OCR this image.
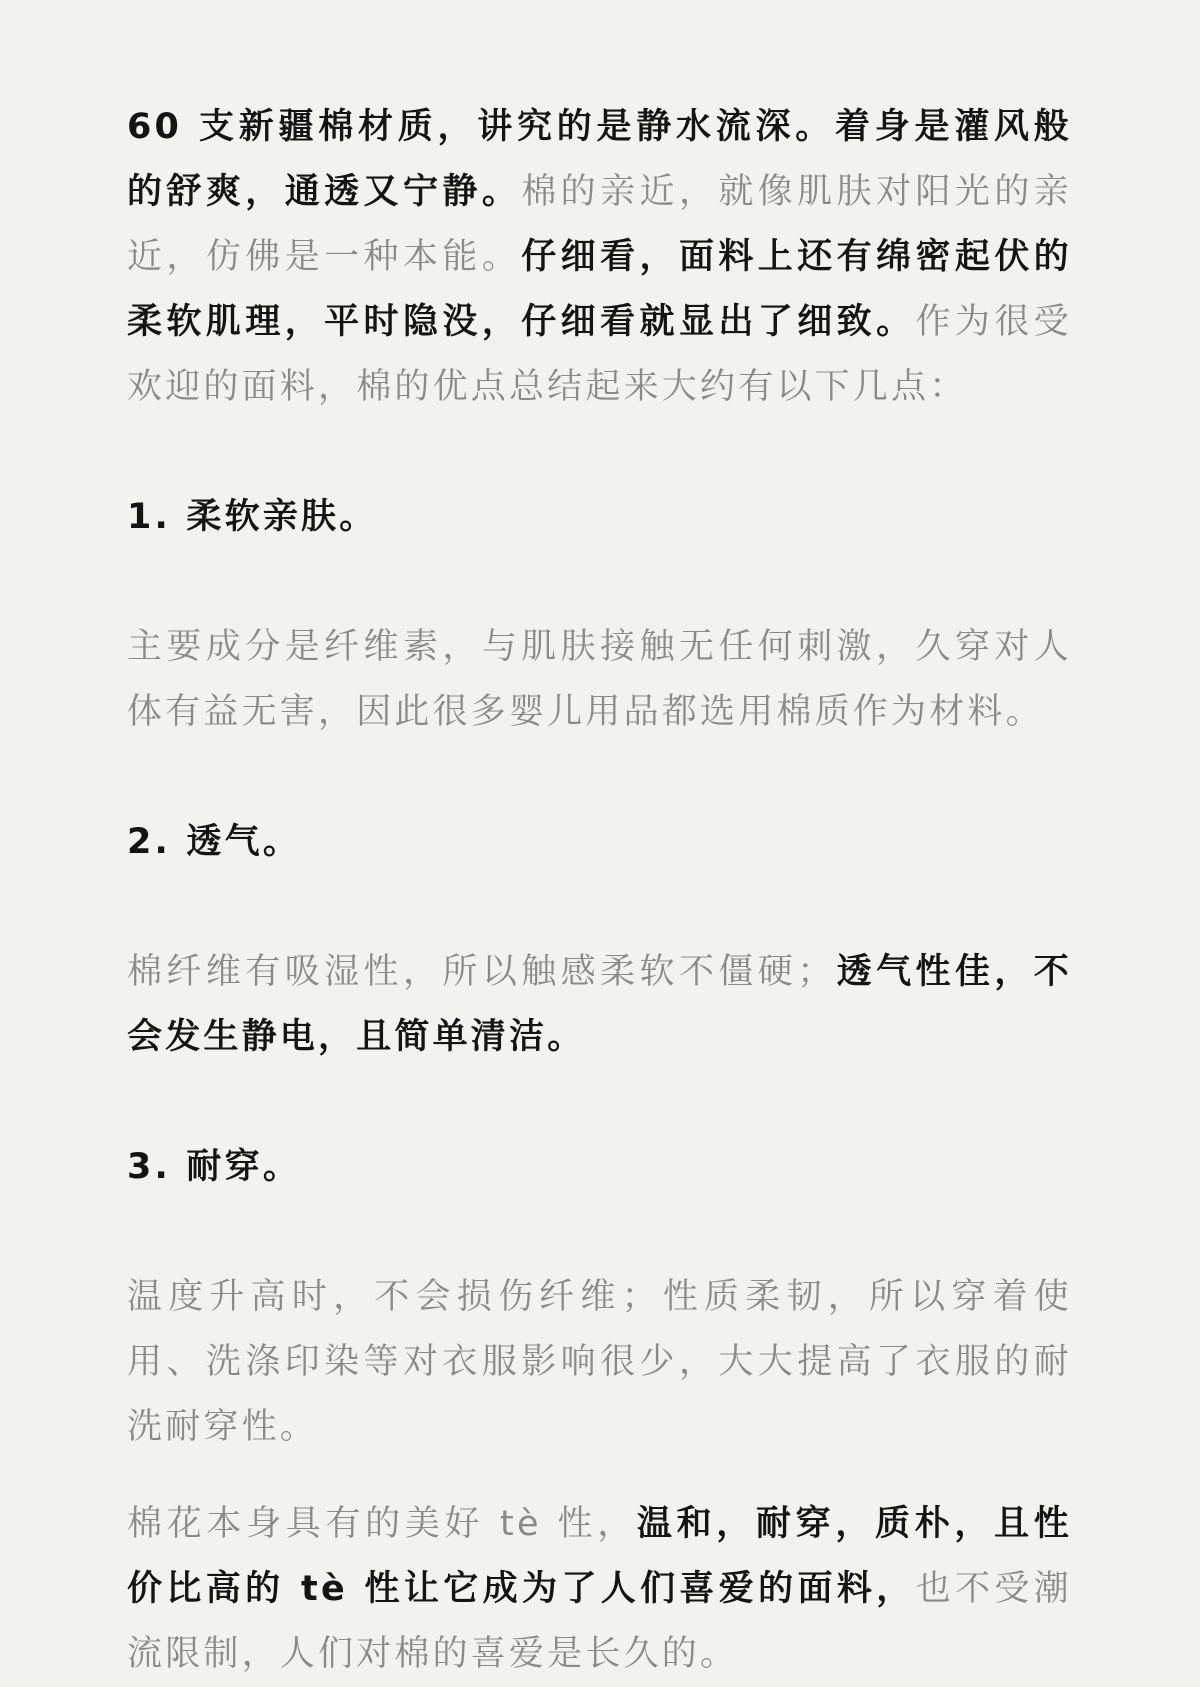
60 支新疆棉材质，讲究的是静水流深。着身是灌风般的舒爽，通透又宁静。棉的亲近，就像肌肤对阳光的亲近，仿佛是一种本能。仔细看，面料上还有绵密起伏的柔软肌理，平时隐没，仔细看就显出了细致。作为很受欢迎的面料，棉的优点总结起来大约有以下几点：

1. 柔软亲肤。

主要成分是纤维素，与肌肤接触无任何刺激，久穿对人体有益无害，因此很多婴儿用品都选用棉质作为材料。

2. 透气。

棉纤维有吸湿性，所以触感柔软不僵硬；透气性佳，不会发生静电，且简单清洁。

3. 耐穿。

温度升高时，不会损伤纤维；性质柔韧，所以穿着使用、洗涤印染等对衣服影响很少，大大提高了衣服的耐洗耐穿性。

棉花本身具有的美好 tè 性，温和，耐穿，质朴，且性价比高的 tè 性让它成为了人们喜爱的面料，也不受潮流限制，人们对棉的喜爱是长久的。
